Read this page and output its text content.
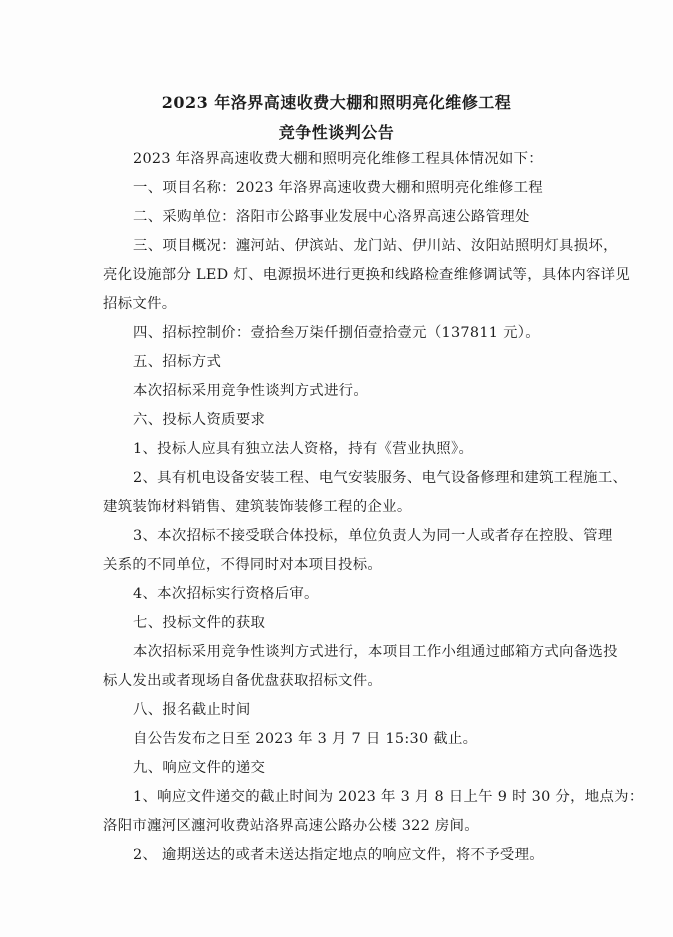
2023 年洛界高速收费大棚和照明亮化维修工程
竞争性谈判公告
2023 年洛界高速收费大棚和照明亮化维修工程具体情况如下：
一、项目名称：2023 年洛界高速收费大棚和照明亮化维修工程
二、采购单位：洛阳市公路事业发展中心洛界高速公路管理处
三、项目概况：瀍河站、伊滨站、龙门站、伊川站、汝阳站照明灯具损坏，
亮化设施部分 LED 灯、电源损坏进行更换和线路检查维修调试等，具体内容详见
招标文件。
四、招标控制价：壹拾叁万柒仟捌佰壹拾壹元（137811 元）。
五、招标方式
本次招标采用竞争性谈判方式进行。
六、投标人资质要求
1、投标人应具有独立法人资格，持有《营业执照》。
2、具有机电设备安装工程、电气安装服务、电气设备修理和建筑工程施工、
建筑装饰材料销售、建筑装饰装修工程的企业。
3、本次招标不接受联合体投标，单位负责人为同一人或者存在控股、管理
关系的不同单位，不得同时对本项目投标。
4、本次招标实行资格后审。
七、投标文件的获取
本次招标采用竞争性谈判方式进行，本项目工作小组通过邮箱方式向备选投
标人发出或者现场自备优盘获取招标文件。
八、报名截止时间
自公告发布之日至 2023 年 3 月 7 日 15:30 截止。
九、响应文件的递交
1、响应文件递交的截止时间为 2023 年 3 月 8 日上午 9 时 30 分，地点为：
洛阳市瀍河区瀍河收费站洛界高速公路办公楼 322 房间。
2、 逾期送达的或者未送达指定地点的响应文件，将不予受理。
